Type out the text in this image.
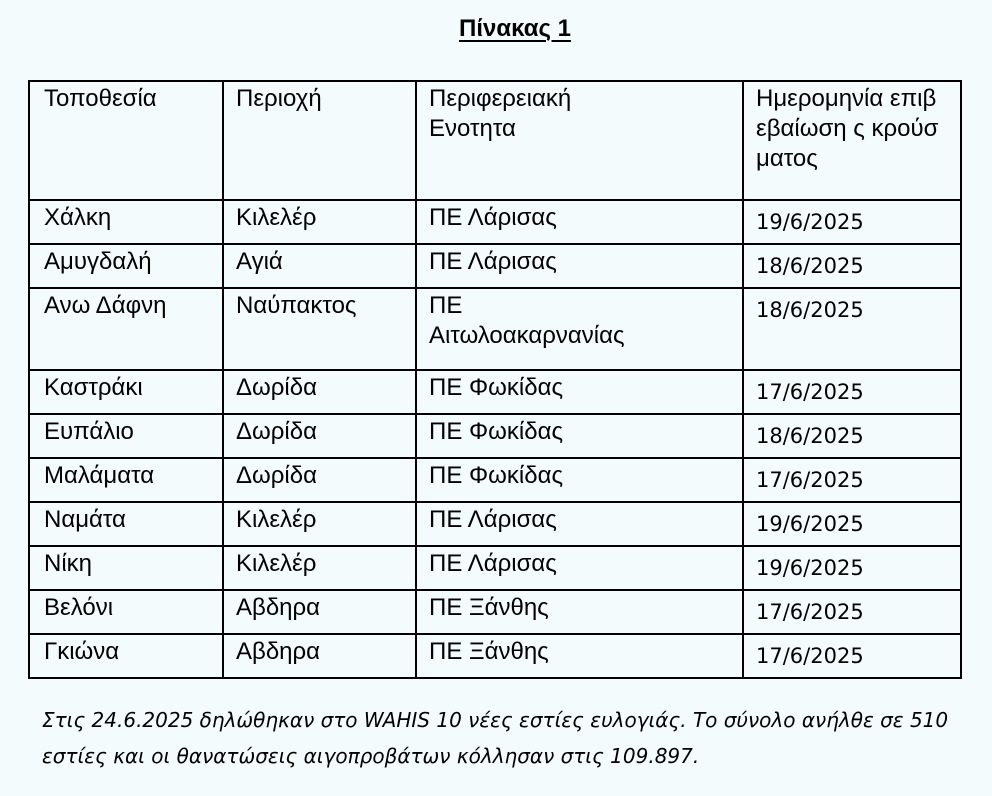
Πίνακας 1
Τοποθεσία	Περιοχή	Περιφερειακή Ενοτητα	Ημερομηνία επιβεβαίωση ς κρούσματος

Χάλκη	Κιλελέρ	ΠΕ Λάρισας	19/6/2025
Αμυγδαλή	Αγιά	ΠΕ Λάρισας	18/6/2025
Ανω Δάφνη	Ναύπακτος	ΠΕ Αιτωλοακαρνανίας	18/6/2025
Καστράκι	Δωρίδα	ΠΕ Φωκίδας	17/6/2025
Ευπάλιο	Δωρίδα	ΠΕ Φωκίδας	18/6/2025
Μαλάματα	Δωρίδα	ΠΕ Φωκίδας	17/6/2025
Ναμάτα	Κιλελέρ	ΠΕ Λάρισας	19/6/2025
Νίκη	Κιλελέρ	ΠΕ Λάρισας	19/6/2025
Βελόνι	Αβδηρα	ΠΕ Ξάνθης	17/6/2025
Γκιώνα	Αβδηρα	ΠΕ Ξάνθης	17/6/2025

Στις 24.6.2025 δηλώθηκαν στο WAHIS 10 νέες εστίες ευλογιάς. Το σύνολο ανήλθε σε 510 εστίες και οι θανατώσεις αιγοπροβάτων κόλλησαν στις 109.897.
